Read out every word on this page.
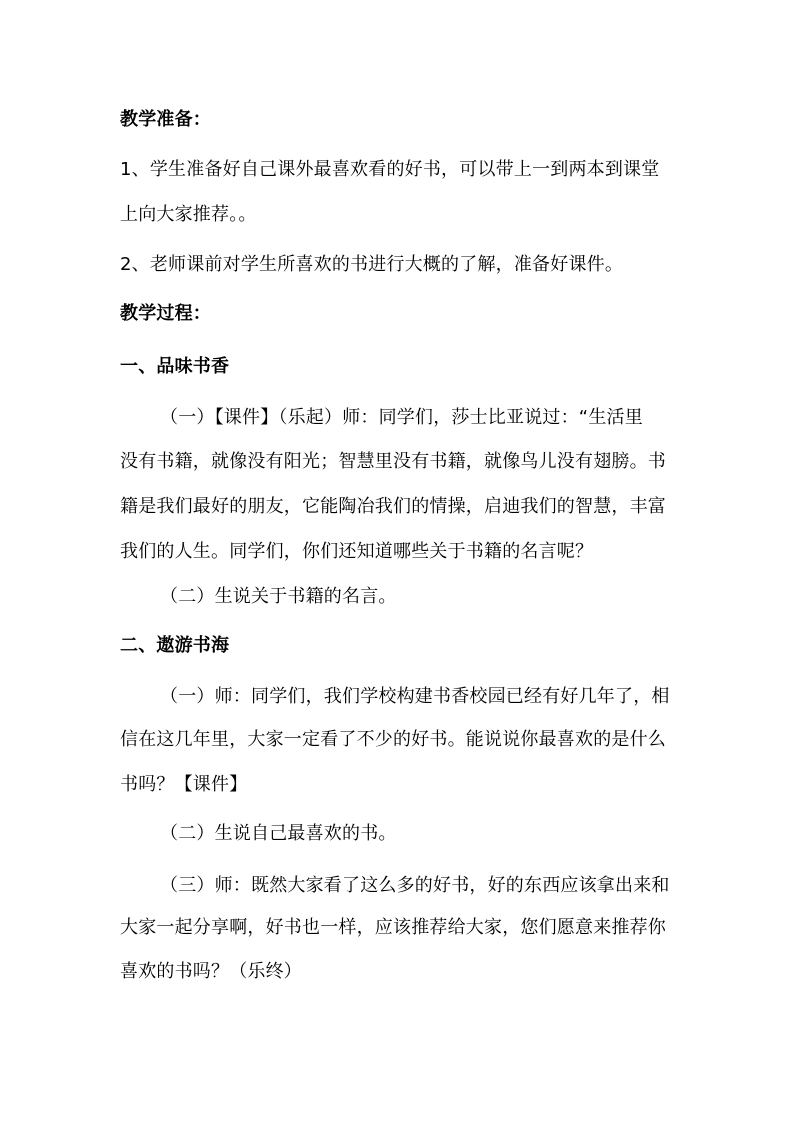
教学准备：
1、学生准备好自己课外最喜欢看的好书，可以带上一到两本到课堂
上向大家推荐。。
2、老师课前对学生所喜欢的书进行大概的了解，准备好课件。
教学过程：
一、品味书香
（一）【课件】（乐起）师：同学们，莎士比亚说过：“生活里
没有书籍，就像没有阳光；智慧里没有书籍，就像鸟儿没有翅膀。书
籍是我们最好的朋友，它能陶冶我们的情操，启迪我们的智慧，丰富
我们的人生。同学们，你们还知道哪些关于书籍的名言呢？
（二）生说关于书籍的名言。
二、遨游书海
（一）师：同学们，我们学校构建书香校园已经有好几年了，相
信在这几年里，大家一定看了不少的好书。能说说你最喜欢的是什么
书吗？【课件】
（二）生说自己最喜欢的书。
（三）师：既然大家看了这么多的好书，好的东西应该拿出来和
大家一起分享啊，好书也一样，应该推荐给大家，您们愿意来推荐你
喜欢的书吗？（乐终）
